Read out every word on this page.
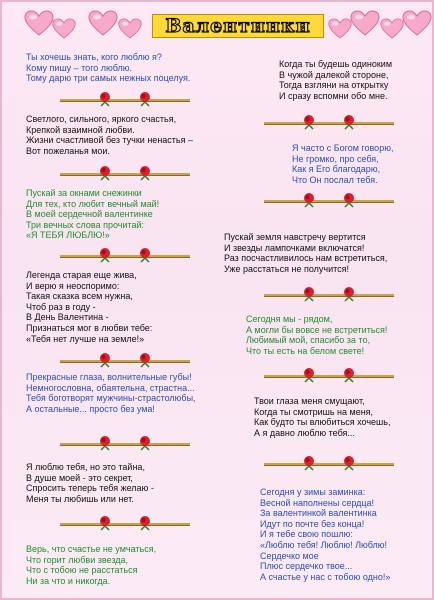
Валентинки
Ты хочешь знать, кого люблю я?
Кому пишу – того люблю.
Тому дарю три самых нежных поцелуя.
Светлого, сильного, яркого счастья,
Крепкой взаимной любви.
Жизни счастливой без тучки ненастья –
Вот пожеланья мои.
Пускай за окнами снежинки
Для тех, кто любит вечный май!
В моей сердечной валентинке
Три вечных слова прочитай:
«Я ТЕБЯ ЛЮБЛЮ!»
Легенда старая еще жива,
И верю я неоспоримо:
Такая сказка всем нужна,
Чтоб раз в году -
В День Валентина -
Признаться мог в любви тебе:
«Тебя нет лучше на земле!»
Прекрасные глаза, волнительные губы!
Немногословна, обаятельна, страстна...
Тебя боготворят мужчины-страстолюбы,
А остальные... просто без ума!
Я люблю тебя, но это тайна,
В душе моей - это секрет,
Спросить теперь тебя желаю -
Меня ты любишь или нет.
Верь, что счастье не умчаться,
Что горит любви звезда,
Что с тобою не расстаться
Ни за что и никогда.
Когда ты будешь одиноким
В чужой далекой стороне,
Тогда взгляни на открытку
И сразу вспомни обо мне.
Я часто с Богом говорю,
Не громко, про себя,
Как я Его благодарю,
Что Он послал тебя.
Пускай земля навстречу вертится
И звезды лампочками включатся!
Раз посчастливилось нам встретиться,
Уже расстаться не получится!
Сегодня мы - рядом,
А могли бы вовсе не встретиться!
Любимый мой, спасибо за то,
Что ты есть на белом свете!
Твои глаза меня смущают,
Когда ты смотришь на меня,
Как будто ты влюбиться хочешь,
А я давно люблю тебя...
Сегодня у зимы заминка:
Весной наполнены сердца!
За валентинкой валентинка
Идут по почте без конца!
И я тебе свою пошлю:
«Люблю тебя! Люблю! Люблю!
Сердечко мое
Плюс сердечко твое...
А счастье у нас с тобою одно!»
